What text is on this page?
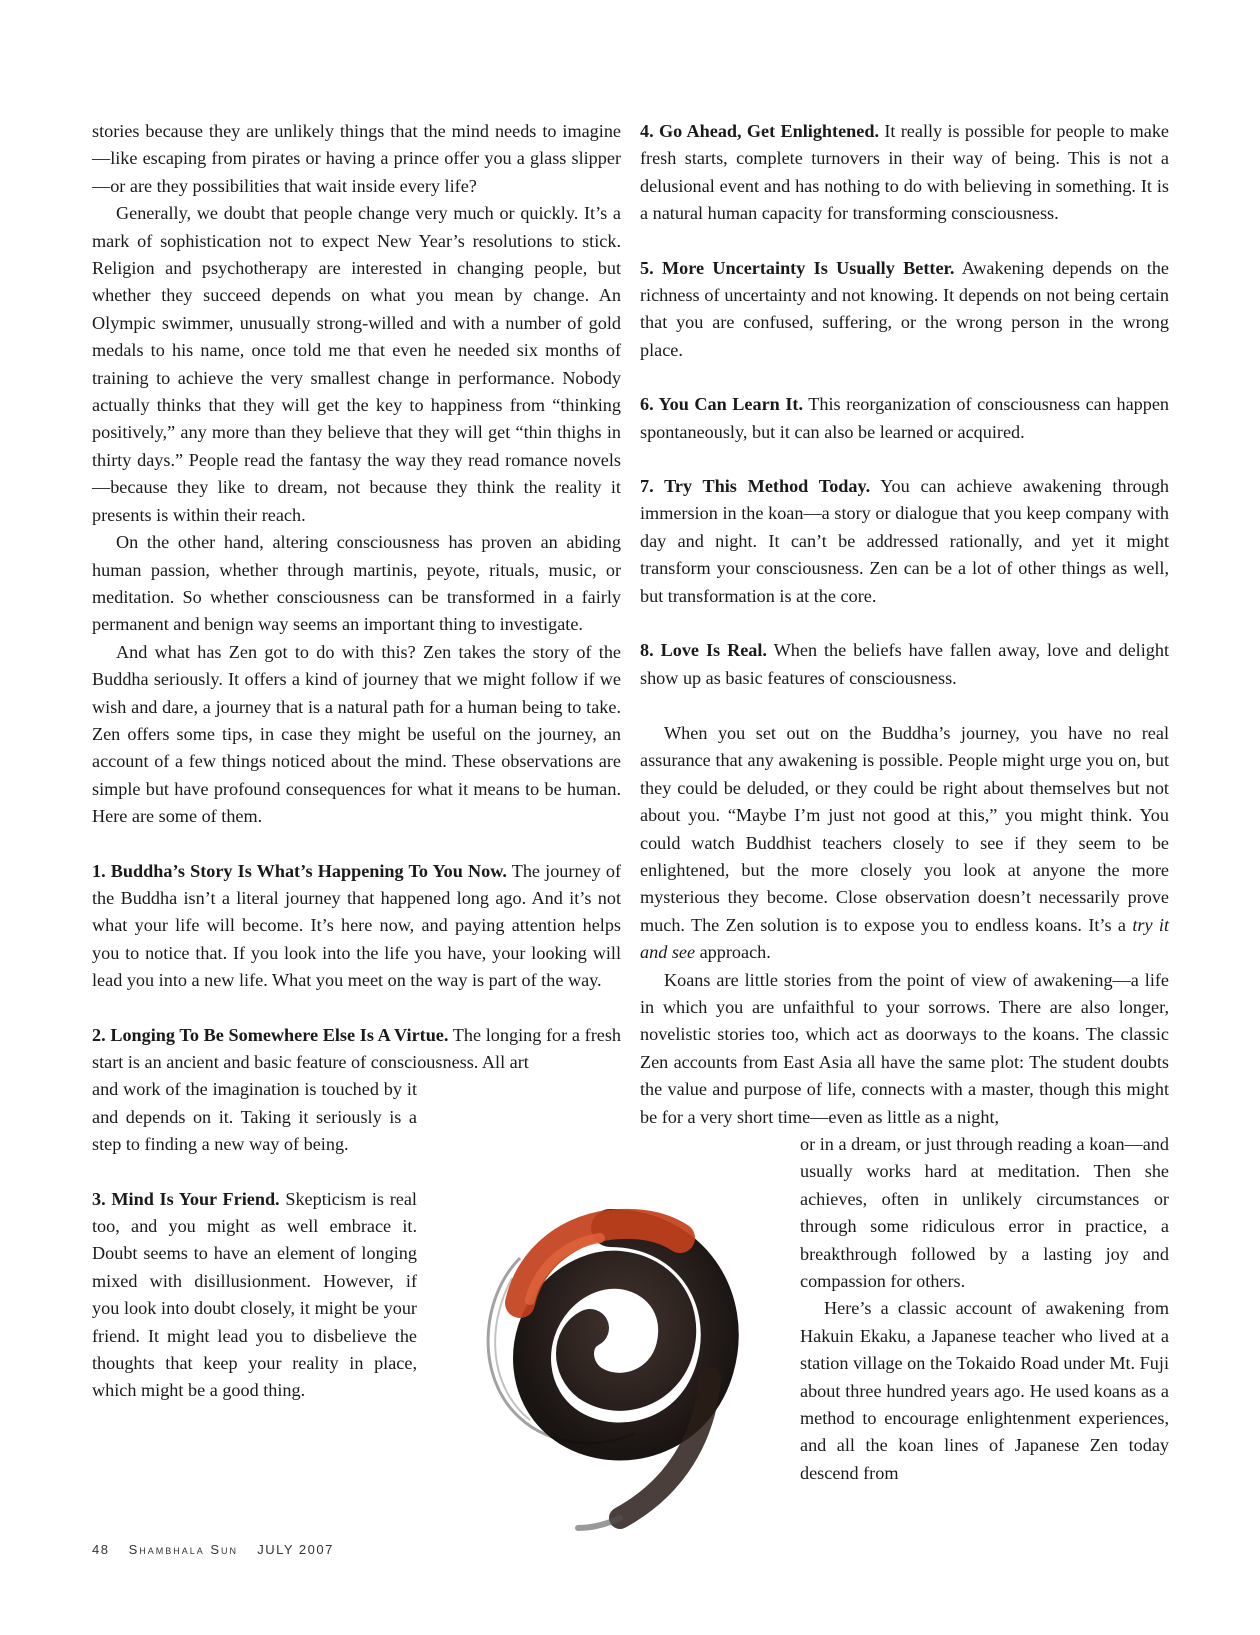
stories because they are unlikely things that the mind needs to imagine—like escaping from pirates or having a prince offer you a glass slipper—or are they possibilities that wait inside every life?

Generally, we doubt that people change very much or quickly. It’s a mark of sophistication not to expect New Year’s resolutions to stick. Religion and psychotherapy are interested in changing people, but whether they succeed depends on what you mean by change. An Olympic swimmer, unusually strong-willed and with a number of gold medals to his name, once told me that even he needed six months of training to achieve the very smallest change in performance. Nobody actually thinks that they will get the key to happiness from “thinking positively,” any more than they believe that they will get “thin thighs in thirty days.” People read the fantasy the way they read romance novels—because they like to dream, not because they think the reality it presents is within their reach.

On the other hand, altering consciousness has proven an abiding human passion, whether through martinis, peyote, rituals, music, or meditation. So whether consciousness can be transformed in a fairly permanent and benign way seems an important thing to investigate.

And what has Zen got to do with this? Zen takes the story of the Buddha seriously. It offers a kind of journey that we might follow if we wish and dare, a journey that is a natural path for a human being to take. Zen offers some tips, in case they might be useful on the journey, an account of a few things noticed about the mind. These observations are simple but have profound consequences for what it means to be human. Here are some of them.

1. Buddha’s Story Is What’s Happening To You Now. The journey of the Buddha isn’t a literal journey that happened long ago. And it’s not what your life will become. It’s here now, and paying attention helps you to notice that. If you look into the life you have, your looking will lead you into a new life. What you meet on the way is part of the way.

2. Longing To Be Somewhere Else Is A Virtue. The longing for a fresh start is an ancient and basic feature of consciousness. All art

and work of the imagination is touched by it and depends on it. Taking it seriously is a step to finding a new way of being.

3. Mind Is Your Friend. Skepticism is real too, and you might as well embrace it. Doubt seems to have an element of longing mixed with disillusionment. However, if you look into doubt closely, it might be your friend. It might lead you to disbelieve the thoughts that keep your reality in place, which might be a good thing.

4. Go Ahead, Get Enlightened. It really is possible for people to make fresh starts, complete turnovers in their way of being. This is not a delusional event and has nothing to do with believing in something. It is a natural human capacity for transforming consciousness.

5. More Uncertainty Is Usually Better. Awakening depends on the richness of uncertainty and not knowing. It depends on not being certain that you are confused, suffering, or the wrong person in the wrong place.

6. You Can Learn It. This reorganization of consciousness can happen spontaneously, but it can also be learned or acquired.

7. Try This Method Today. You can achieve awakening through immersion in the koan—a story or dialogue that you keep company with day and night. It can’t be addressed rationally, and yet it might transform your consciousness. Zen can be a lot of other things as well, but transformation is at the core.

8. Love Is Real. When the beliefs have fallen away, love and delight show up as basic features of consciousness.

When you set out on the Buddha’s journey, you have no real assurance that any awakening is possible. People might urge you on, but they could be deluded, or they could be right about themselves but not about you. “Maybe I’m just not good at this,” you might think. You could watch Buddhist teachers closely to see if they seem to be enlightened, but the more closely you look at anyone the more mysterious they become. Close observation doesn’t necessarily prove much. The Zen solution is to expose you to endless koans. It’s a try it and see approach.

Koans are little stories from the point of view of awakening—a life in which you are unfaithful to your sorrows. There are also longer, novelistic stories too, which act as doorways to the koans. The classic Zen accounts from East Asia all have the same plot: The student doubts the value and purpose of life, connects with a master, though this might be for a very short time—even as little as a night,

or in a dream, or just through reading a koan—and usually works hard at meditation. Then she achieves, often in unlikely circumstances or through some ridiculous error in practice, a breakthrough followed by a lasting joy and compassion for others.

Here’s a classic account of awakening from Hakuin Ekaku, a Japanese teacher who lived at a station village on the Tokaido Road under Mt. Fuji about three hundred years ago. He used koans as a method to encourage enlightenment experiences, and all the koan lines of Japanese Zen today descend from

48 Shambhala Sun JULY 2007
